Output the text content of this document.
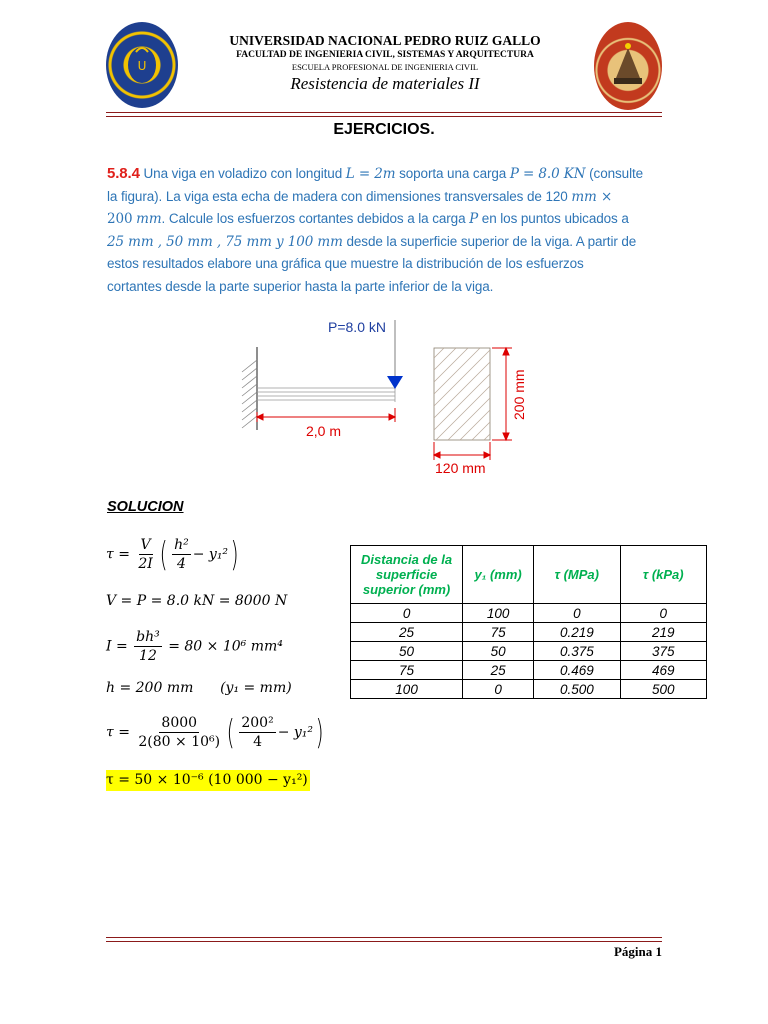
U
UNIVERSIDAD NACIONAL PEDRO RUIZ GALLO
FACULTAD DE INGENIERIA CIVIL, SISTEMAS Y ARQUITECTURA
ESCUELA PROFESIONAL DE INGENIERIA CIVIL
Resistencia de materiales II
EJERCICIOS.
5.8.4 Una viga en voladizo con longitud L = 2m soporta una carga P = 8.0 KN (consulte
la figura). La viga esta echa de madera con dimensiones transversales de 120 mm ×
200 mm. Calcule los esfuerzos cortantes debidos a la carga P en los puntos ubicados a
25 mm , 50 mm , 75 mm y 100 mm desde la superficie superior de la viga. A partir de
estos resultados elabore una gráfica que muestre la distribución de los esfuerzos
cortantes desde la parte superior hasta la parte inferior de la viga.
P=8.0 kN
2,0 m
200 mm
120 mm
SOLUCION
$\tau = \frac{V}{2I}$ ( $\frac{\text{h²}}{4} - y_1^2$)
V = P = 8.0 kN = 8000 N
$I = \frac{\text{bh³}}{12} = 80 \times 10^6$ mm⁴
h = 200 mm      (y₁ = mm)
$\tau = \frac{8000}{\text{2(80 × 10⁶)}}$ ( $\frac{\text{200²}}{4} - y_1^2$)
τ = 50 × 10⁻⁶ (10 000 − y₁²)
Distancia de la superficie superior (mm)	y₁ (mm)	τ (MPa)	τ (kPa)
0	100	0	0
25	75	0.219	219
50	50	0.375	375
75	25	0.469	469
100	0	0.500	500
Página 1
